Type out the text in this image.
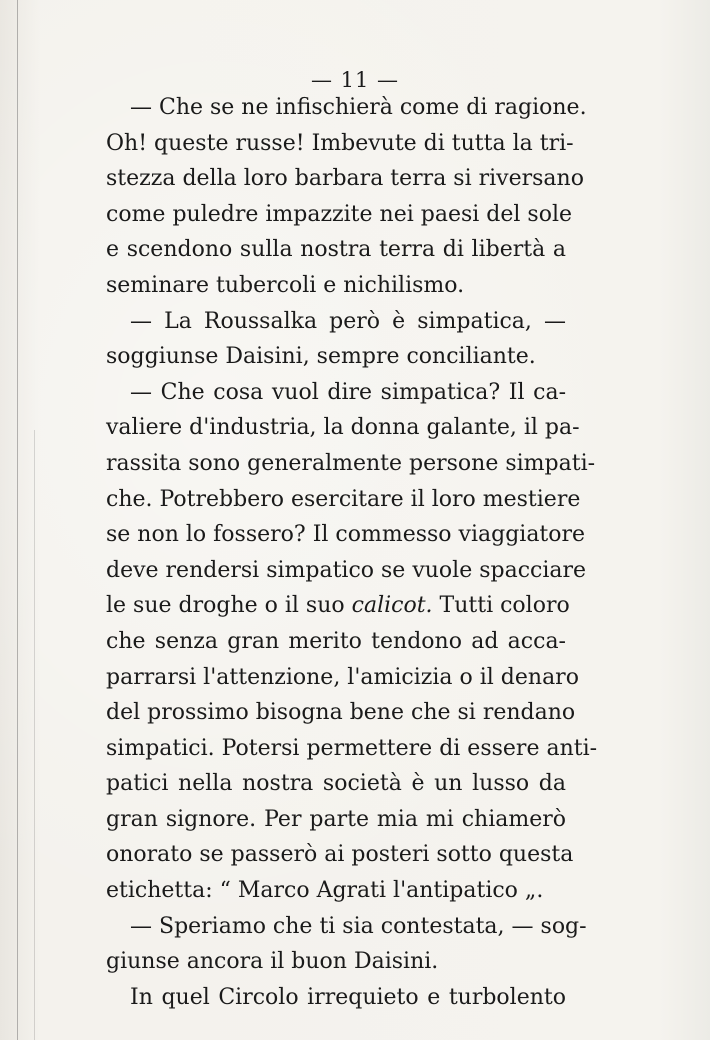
— 11 —
— Che se ne infischierà come di ragione.
Oh! queste russe! Imbevute di tutta la tri-
stezza della loro barbara terra si riversano
come puledre impazzite nei paesi del sole
e scendono sulla nostra terra di libertà a
seminare tubercoli e nichilismo.
— La Roussalka però è simpatica, —
soggiunse Daisini, sempre conciliante.
— Che cosa vuol dire simpatica? Il ca-
valiere d'industria, la donna galante, il pa-
rassita sono generalmente persone simpati-
che. Potrebbero esercitare il loro mestiere
se non lo fossero? Il commesso viaggiatore
deve rendersi simpatico se vuole spacciare
le sue droghe o il suo calicot. Tutti coloro
che senza gran merito tendono ad acca-
parrarsi l'attenzione, l'amicizia o il denaro
del prossimo bisogna bene che si rendano
simpatici. Potersi permettere di essere anti-
patici nella nostra società è un lusso da
gran signore. Per parte mia mi chiamerò
onorato se passerò ai posteri sotto questa
etichetta: “ Marco Agrati l'antipatico „.
— Speriamo che ti sia contestata, — sog-
giunse ancora il buon Daisini.
In quel Circolo irrequieto e turbolento
